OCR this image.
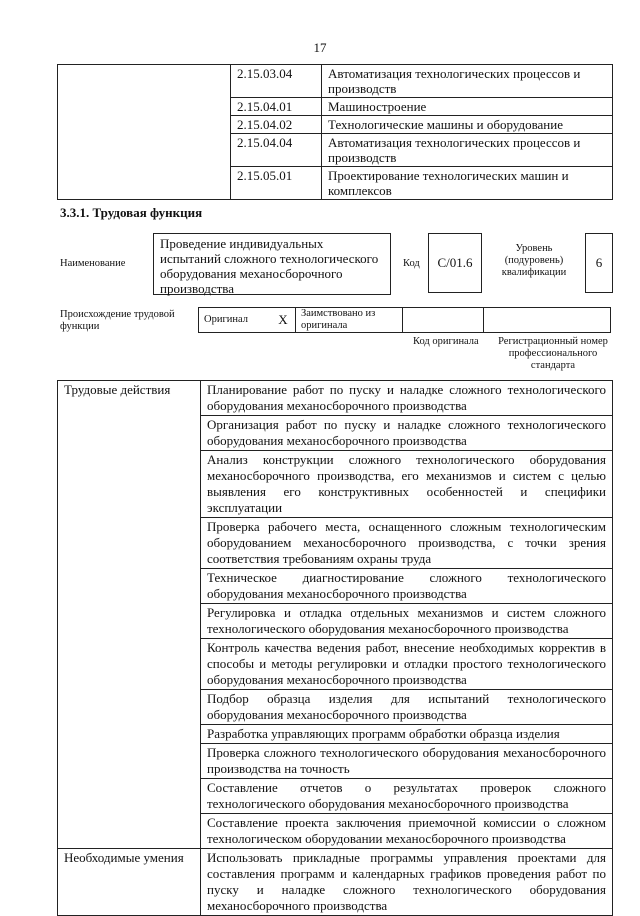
17
	2.15.03.04	Автоматизация технологических процессов и производств
	2.15.04.01	Машиностроение
	2.15.04.02	Технологические машины и оборудование
	2.15.04.04	Автоматизация технологических процессов и производств
	2.15.05.01	Проектирование технологических машин и комплексов
3.3.1. Трудовая функция
Наименование
Проведение индивидуальных испытаний сложного технологического оборудования механосборочного производства
Код	C/01.6
Уровень (подуровень) квалификации
6
Происхождение трудовой функции
Оригинал	X	Заимствовано из оригинала		
Код оригинала	Регистрационный номер профессионального стандарта
Трудовые действия	Планирование работ по пуску и наладке сложного технологического оборудования механосборочного производства
	Организация работ по пуску и наладке сложного технологического оборудования механосборочного производства
	Анализ конструкции сложного технологического оборудования механосборочного производства, его механизмов и систем с целью выявления его конструктивных особенностей и специфики эксплуатации
	Проверка рабочего места, оснащенного сложным технологическим оборудованием механосборочного производства, с точки зрения соответствия требованиям охраны труда
	Техническое диагностирование сложного технологического оборудования механосборочного производства
	Регулировка и отладка отдельных механизмов и систем сложного технологического оборудования механосборочного производства
	Контроль качества ведения работ, внесение необходимых корректив в способы и методы регулировки и отладки простого технологического оборудования механосборочного производства
	Подбор образца изделия для испытаний технологического оборудования механосборочного производства
	Разработка управляющих программ обработки образца изделия
	Проверка сложного технологического оборудования механосборочного производства на точность
	Составление отчетов о результатах проверок сложного технологического оборудования механосборочного производства
	Составление проекта заключения приемочной комиссии о сложном технологическом оборудовании механосборочного производства
Необходимые умения	Использовать прикладные программы управления проектами для составления программ и календарных графиков проведения работ по пуску и наладке сложного технологического оборудования механосборочного производства
